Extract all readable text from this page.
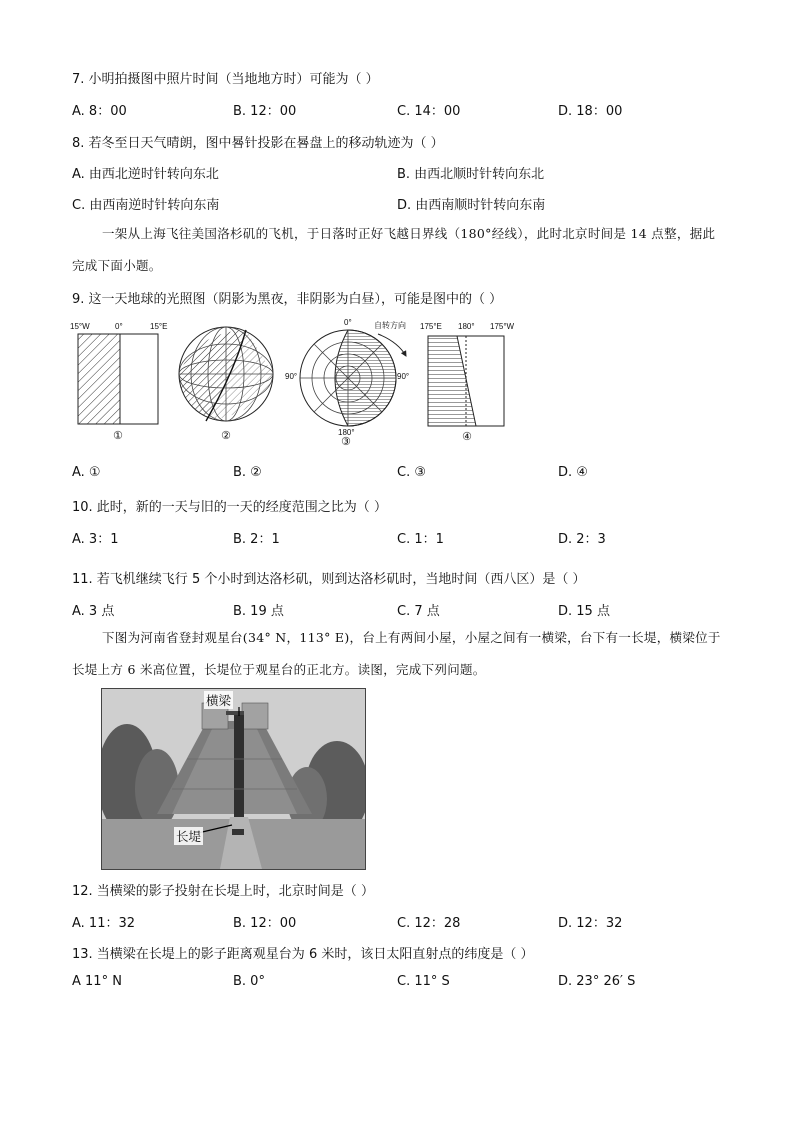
7. 小明拍摄图中照片时间（当地地方时）可能为（ ）
A. 8：00	B. 12：00	C. 14：00	D. 18：00
8. 若冬至日天气晴朗，图中晷针投影在晷盘上的移动轨迹为（ ）
A. 由西北逆时针转向东北	B. 由西北顺时针转向东北
C. 由西南逆时针转向东南	D. 由西南顺时针转向东南
一架从上海飞往美国洛杉矶的飞机，于日落时正好飞越日界线（180°经线），此时北京时间是 14 点整，据此完成下面小题。
9. 这一天地球的光照图（阴影为黑夜，非阴影为白昼），可能是图中的（ ）
15°W	0°	15°E
①	②
0°
90°	90°
180°
自转方向
③
175°E 180° 175°W
④
A. ①	B. ②	C. ③	D. ④
10. 此时，新的一天与旧的一天的经度范围之比为（ ）
A. 3：1	B. 2：1	C. 1：1	D. 2：3
11. 若飞机继续飞行 5 个小时到达洛杉矶，则到达洛杉矶时，当地时间（西八区）是（ ）
A. 3 点	B. 19 点	C. 7 点	D. 15 点
下图为河南省登封观星台(34° N，113° E)，台上有两间小屋，小屋之间有一横梁，台下有一长堤，横梁位于长堤上方 6 米高位置，长堤位于观星台的正北方。读图，完成下列问题。
横梁
长堤
12. 当横梁的影子投射在长堤上时，北京时间是（ ）
A. 11：32	B. 12：00	C. 12：28	D. 12：32
13. 当横梁在长堤上的影子距离观星台为 6 米时，该日太阳直射点的纬度是（ ）
A 11° N	B. 0°	C. 11° S	D. 23° 26′ S
